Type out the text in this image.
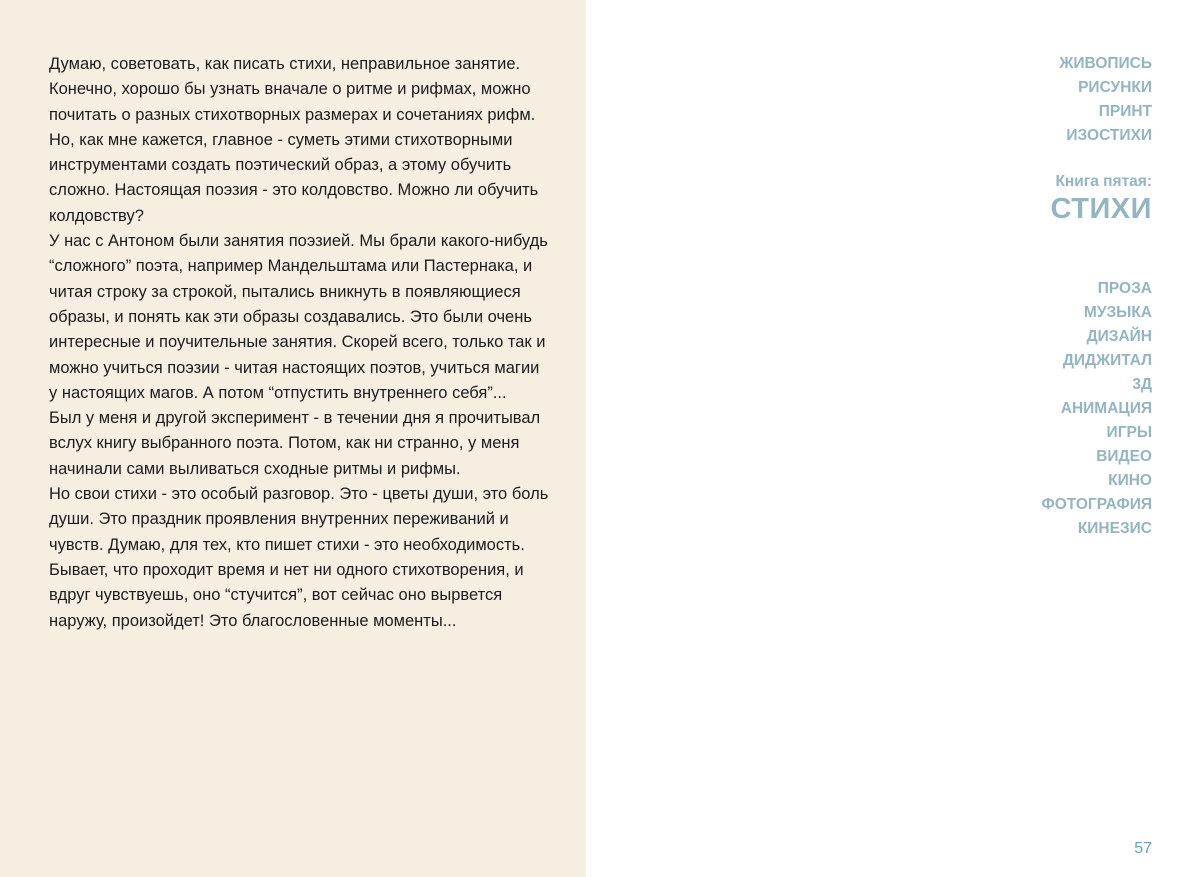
Думаю, советовать, как писать стихи, неправильное занятие. Конечно, хорошо бы узнать вначале о ритме и рифмах, можно почитать о разных стихотворных размерах и сочетаниях рифм. Но, как мне кажется, главное - суметь этими стихотворными инструментами создать поэтический образ, а этому обучить сложно. Настоящая поэзия - это колдовство. Можно ли обучить колдовству?

У нас с Антоном были занятия поэзией. Мы брали какого-нибудь “сложного” поэта, например Мандельштама или Пастернака, и читая строку за строкой, пытались вникнуть в появляющиеся образы, и понять как эти образы создавались. Это были очень интересные и поучительные занятия. Скорей всего, только так и можно учиться поэзии - читая настоящих поэтов, учиться магии у настоящих магов. А потом “отпустить внутреннего себя”...

Был у меня и другой эксперимент - в течении дня я прочитывал вслух книгу выбранного поэта. Потом, как ни странно, у меня начинали сами выливаться сходные ритмы и рифмы.

Но свои стихи - это особый разговор. Это - цветы души, это боль души. Это праздник проявления внутренних переживаний и чувств. Думаю, для тех, кто пишет стихи - это необходимость. Бывает, что проходит время и нет ни одного стихотворения, и вдруг чувствуешь, оно “стучится”, вот сейчас оно вырвется наружу, произойдет! Это благословенные моменты...

ЖИВОПИСЬ
РИСУНКИ
ПРИНТ
ИЗОСТИХИ
Книга пятая:
СТИХИ
ПРОЗА
МУЗЫКА
ДИЗАЙН
ДИДЖИТАЛ
3Д
АНИМАЦИЯ
ИГРЫ
ВИДЕО
КИНО
ФОТОГРАФИЯ
КИНЕЗИС
57
